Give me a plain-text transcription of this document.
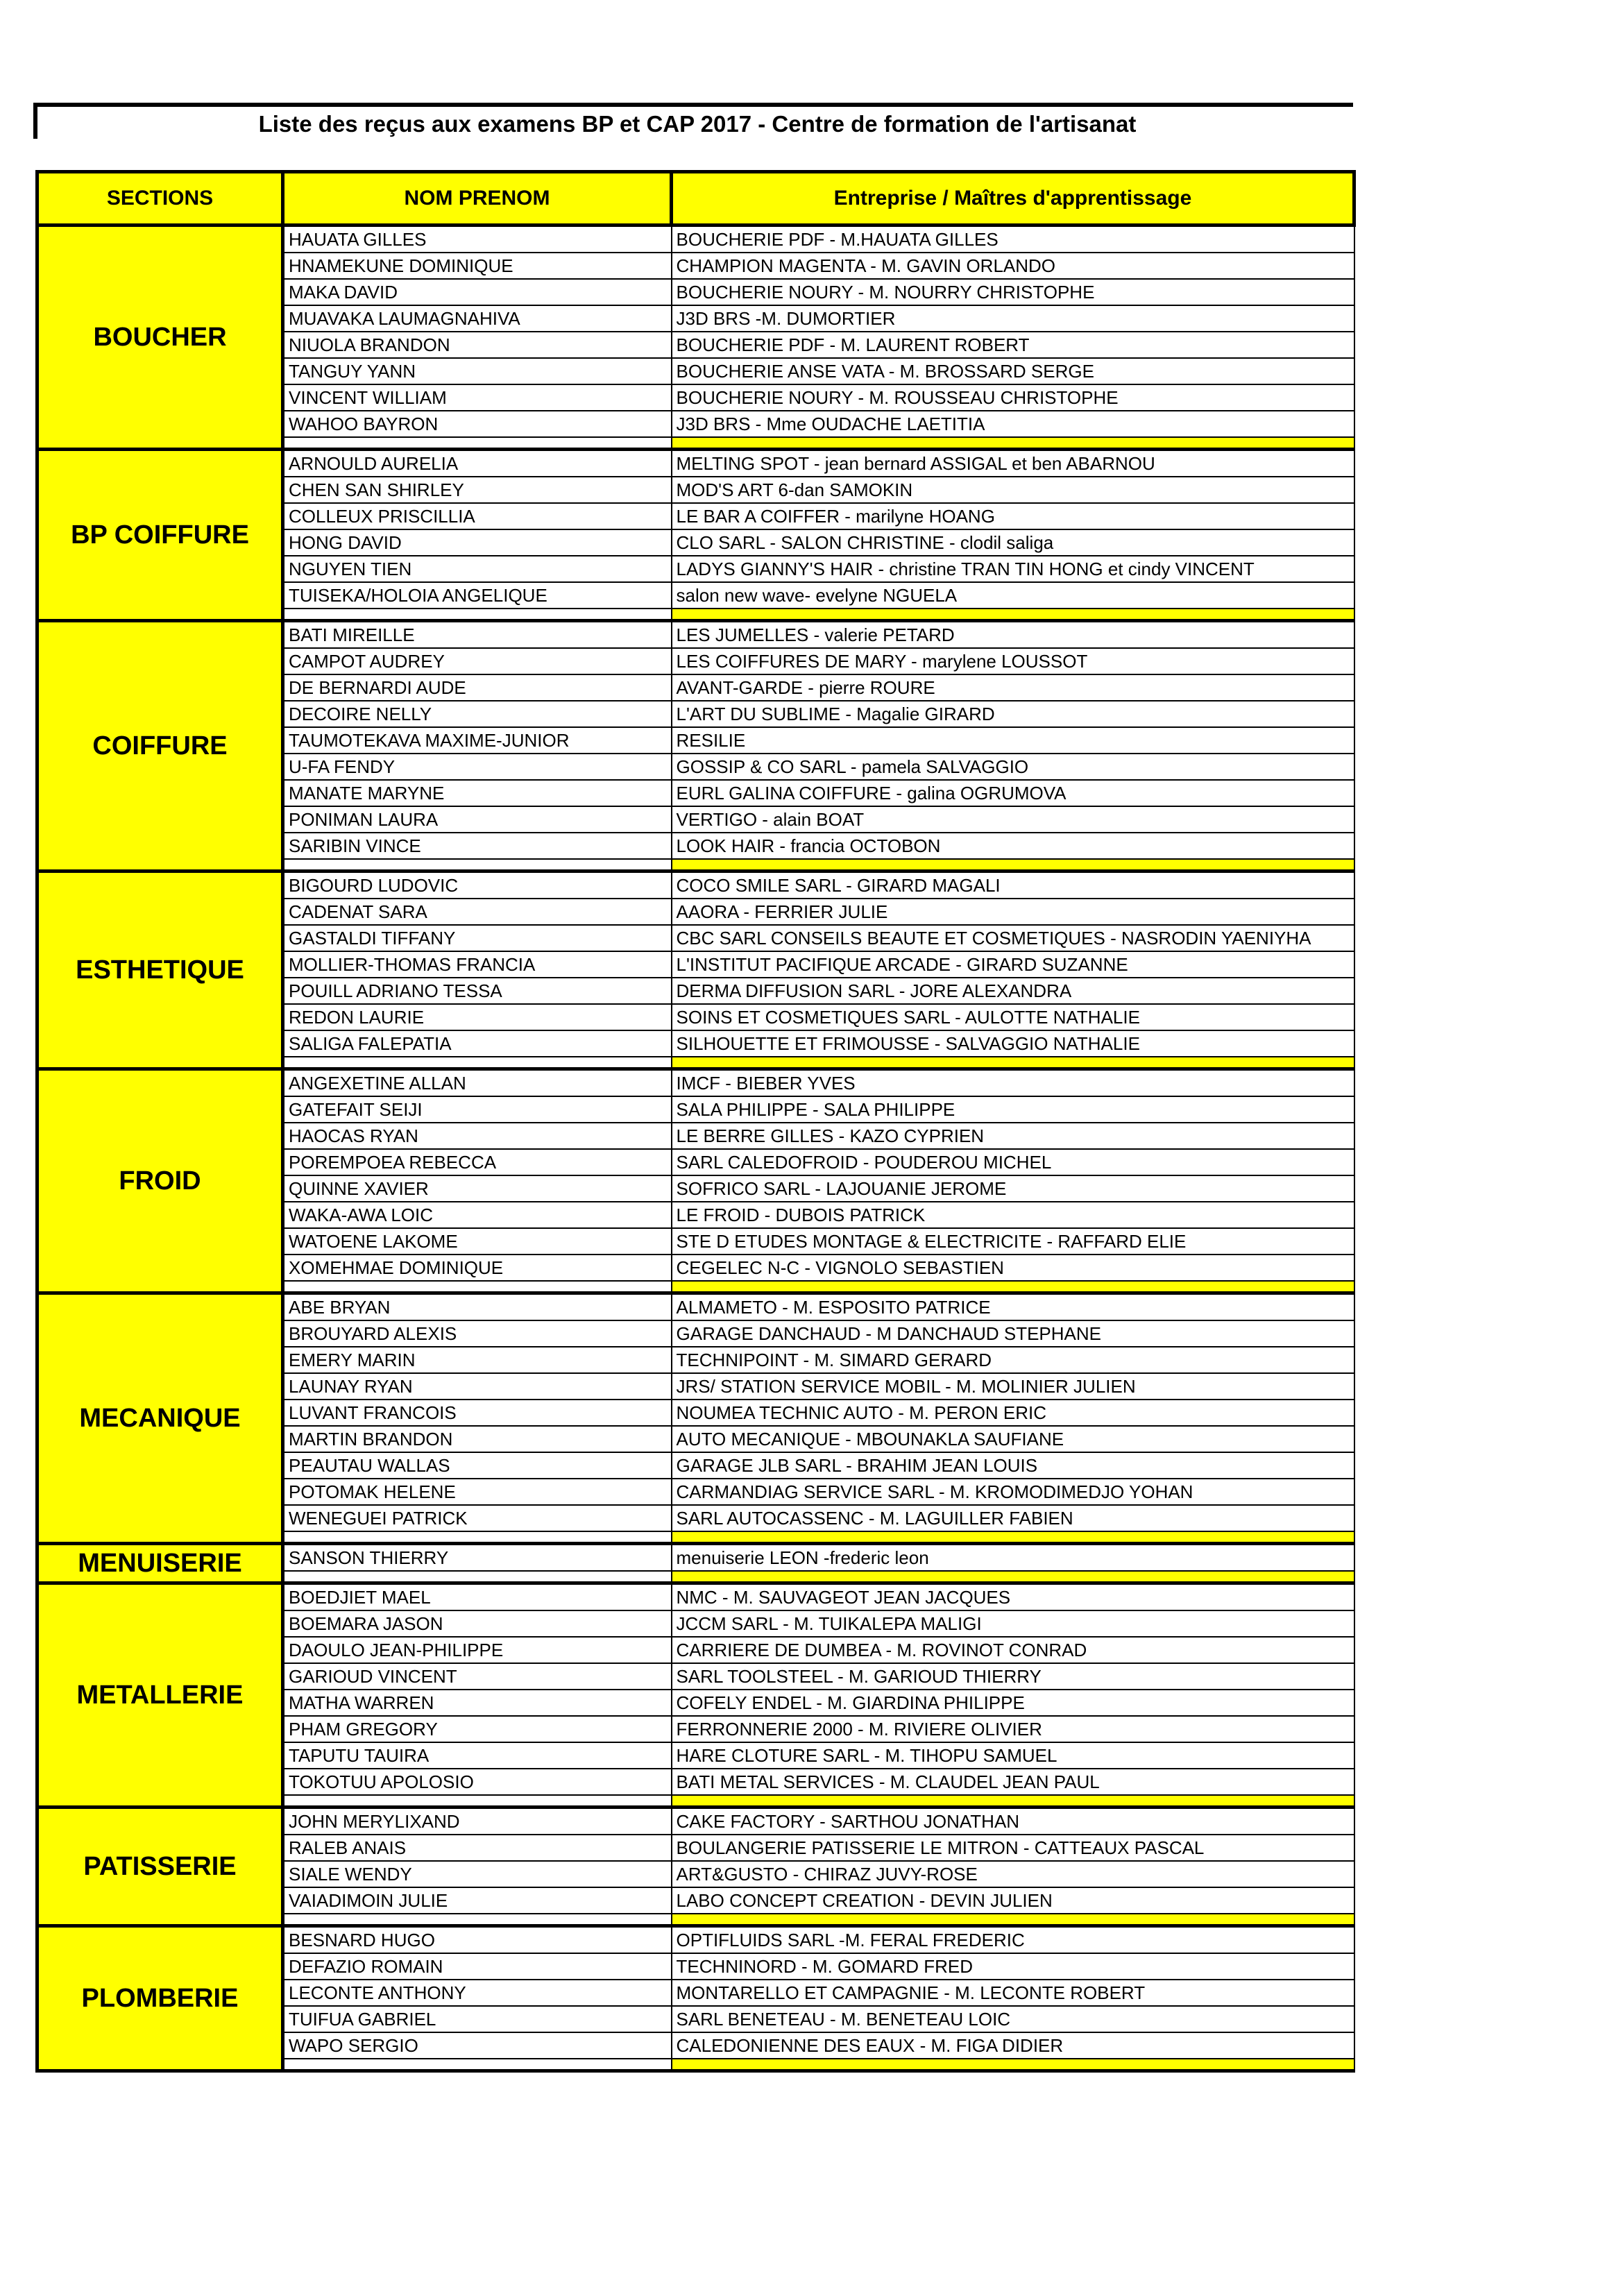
Liste des reçus aux examens BP et CAP 2017 - Centre de formation de l'artisanat
SECTIONS	NOM PRENOM	Entreprise / Maîtres d'apprentissage
BOUCHER	HAUATA GILLES	BOUCHERIE PDF - M.HAUATA GILLES
	HNAMEKUNE DOMINIQUE	CHAMPION MAGENTA - M. GAVIN ORLANDO
	MAKA DAVID	BOUCHERIE NOURY - M. NOURRY CHRISTOPHE
	MUAVAKA LAUMAGNAHIVA	J3D BRS -M. DUMORTIER
	NIUOLA BRANDON	BOUCHERIE PDF - M. LAURENT ROBERT
	TANGUY YANN	BOUCHERIE ANSE VATA - M. BROSSARD SERGE
	VINCENT WILLIAM	BOUCHERIE NOURY - M. ROUSSEAU CHRISTOPHE
	WAHOO BAYRON	J3D BRS - Mme OUDACHE LAETITIA

BP COIFFURE	ARNOULD AURELIA	MELTING SPOT - jean bernard ASSIGAL et ben ABARNOU
	CHEN SAN SHIRLEY	MOD'S ART 6-dan SAMOKIN
	COLLEUX PRISCILLIA	LE BAR A COIFFER - marilyne HOANG
	HONG DAVID	CLO SARL - SALON CHRISTINE - clodil saliga
	NGUYEN TIEN	LADYS GIANNY'S HAIR - christine TRAN TIN HONG et cindy VINCENT
	TUISEKA/HOLOIA ANGELIQUE	salon new wave- evelyne NGUELA

COIFFURE	BATI MIREILLE	LES JUMELLES - valerie PETARD
	CAMPOT AUDREY	LES COIFFURES DE MARY - marylene LOUSSOT
	DE BERNARDI AUDE	AVANT-GARDE - pierre ROURE
	DECOIRE NELLY	L'ART DU SUBLIME - Magalie GIRARD
	TAUMOTEKAVA MAXIME-JUNIOR	RESILIE
	U-FA FENDY	GOSSIP & CO SARL - pamela SALVAGGIO
	MANATE MARYNE	EURL GALINA COIFFURE - galina OGRUMOVA
	PONIMAN LAURA	VERTIGO - alain BOAT
	SARIBIN VINCE	LOOK HAIR - francia OCTOBON

ESTHETIQUE	BIGOURD LUDOVIC	COCO SMILE SARL - GIRARD MAGALI
	CADENAT SARA	AAORA - FERRIER JULIE
	GASTALDI TIFFANY	CBC SARL CONSEILS BEAUTE ET COSMETIQUES - NASRODIN YAENIYHA
	MOLLIER-THOMAS FRANCIA	L'INSTITUT PACIFIQUE ARCADE - GIRARD SUZANNE
	POUILL ADRIANO TESSA	DERMA DIFFUSION SARL - JORE ALEXANDRA
	REDON LAURIE	SOINS ET COSMETIQUES SARL - AULOTTE NATHALIE
	SALIGA FALEPATIA	SILHOUETTE ET FRIMOUSSE - SALVAGGIO NATHALIE

FROID	ANGEXETINE ALLAN	IMCF - BIEBER YVES
	GATEFAIT SEIJI	SALA PHILIPPE - SALA PHILIPPE
	HAOCAS RYAN	LE BERRE GILLES - KAZO CYPRIEN
	POREMPOEA REBECCA	SARL CALEDOFROID - POUDEROU MICHEL
	QUINNE XAVIER	SOFRICO SARL - LAJOUANIE JEROME
	WAKA-AWA LOIC	LE FROID - DUBOIS PATRICK
	WATOENE LAKOME	STE D ETUDES MONTAGE & ELECTRICITE - RAFFARD ELIE
	XOMEHMAE DOMINIQUE	CEGELEC N-C - VIGNOLO SEBASTIEN

MECANIQUE	ABE BRYAN	ALMAMETO - M. ESPOSITO PATRICE
	BROUYARD ALEXIS	GARAGE DANCHAUD - M DANCHAUD STEPHANE
	EMERY MARIN	TECHNIPOINT - M. SIMARD GERARD
	LAUNAY RYAN	JRS/ STATION SERVICE MOBIL - M. MOLINIER JULIEN
	LUVANT FRANCOIS	NOUMEA TECHNIC AUTO - M. PERON ERIC
	MARTIN BRANDON	AUTO MECANIQUE - MBOUNAKLA SAUFIANE
	PEAUTAU WALLAS	GARAGE JLB SARL - BRAHIM JEAN LOUIS
	POTOMAK HELENE	CARMANDIAG SERVICE SARL - M. KROMODIMEDJO YOHAN
	WENEGUEI PATRICK	SARL AUTOCASSENC - M. LAGUILLER FABIEN

MENUISERIE	SANSON THIERRY	menuiserie LEON -frederic leon

METALLERIE	BOEDJIET MAEL	NMC - M. SAUVAGEOT JEAN JACQUES
	BOEMARA JASON	JCCM SARL - M. TUIKALEPA MALIGI
	DAOULO JEAN-PHILIPPE	CARRIERE DE DUMBEA - M. ROVINOT CONRAD
	GARIOUD VINCENT	SARL TOOLSTEEL - M. GARIOUD THIERRY
	MATHA WARREN	COFELY ENDEL - M. GIARDINA PHILIPPE
	PHAM GREGORY	FERRONNERIE 2000 - M. RIVIERE OLIVIER
	TAPUTU TAUIRA	HARE CLOTURE SARL - M. TIHOPU SAMUEL
	TOKOTUU APOLOSIO	BATI METAL SERVICES - M. CLAUDEL JEAN PAUL

PATISSERIE	JOHN MERYLIXAND	CAKE FACTORY - SARTHOU JONATHAN
	RALEB ANAIS	BOULANGERIE PATISSERIE LE MITRON - CATTEAUX PASCAL
	SIALE WENDY	ART&GUSTO - CHIRAZ JUVY-ROSE
	VAIADIMOIN JULIE	LABO CONCEPT CREATION - DEVIN JULIEN

PLOMBERIE	BESNARD HUGO	OPTIFLUIDS SARL -M. FERAL FREDERIC
	DEFAZIO ROMAIN	TECHNINORD - M. GOMARD FRED
	LECONTE ANTHONY	MONTARELLO ET CAMPAGNIE - M. LECONTE ROBERT
	TUIFUA GABRIEL	SARL BENETEAU - M. BENETEAU LOIC
	WAPO SERGIO	CALEDONIENNE DES EAUX - M. FIGA DIDIER
